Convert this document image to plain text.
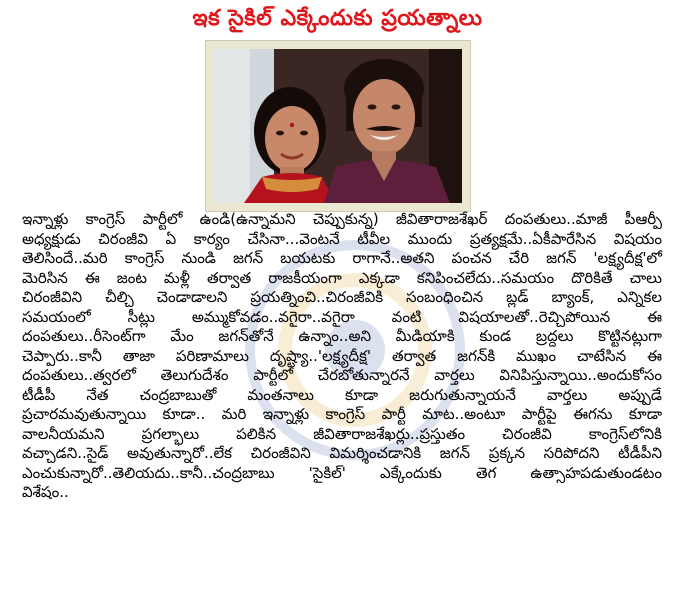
ఇక సైకిల్ ఎక్కేందుకు ప్రయత్నాలు

ఇన్నాళ్లు కాంగ్రెస్ పార్టీలో ఉండి(ఉన్నామని చెప్పుకున్న) జీవితారాజశేఖర్ దంపతులు..మాజీ పీఆర్పీ
అధ్యక్షుడు చిరంజీవి ఏ కార్యం చేసినా...వెంటనే టీవీల ముందు ప్రత్యక్షమే..ఏకీపారేసిన విషయం
తెలిసిందే..మరి కాంగ్రెస్ నుండి జగన్ బయటకు రాగానే..అతని పంచన చేరి జగన్ 'లక్ష్యదీక్ష'లో
మెరిసిన ఈ జంట మళ్లీ తర్వాత రాజకీయంగా ఎక్కడా కనిపించలేదు..సమయం దొరికితే చాలు
చిరంజీవిని చీల్చి చెండాడాలని ప్రయత్నించి..చిరంజీవికి సంబంధించిన బ్లడ్ బ్యాంక్, ఎన్నికల
సమయంలో సీట్లు అమ్ముకోవడం..వగైరా..వగైరా వంటి విషయాలతో..రెచ్చిపోయిన ఈ
దంపతులు..రీసెంట్‌గా మేం జగన్‌తోనే ఉన్నాం..అని మీడియాకి కుండ బ్రద్దలు కొట్టినట్లుగా
చెప్పారు..కానీ తాజా పరిణామాలు దృష్ట్యా..'లక్ష్యదీక్ష' తర్వాత జగన్‌కి ముఖం చాటేసిన ఈ
దంపతులు..త్వరలో తెలుగుదేశం పార్టీలో చేరబోతున్నారనే వార్తలు వినిపిస్తున్నాయి..అందుకోసం
టీడీపీ నేత చంద్రబాబుతో మంతనాలు కూడా జరుగుతున్నాయనే వార్తలు అప్పుడే
ప్రచారమవుతున్నాయి కూడా.. మరి ఇన్నాళ్లు కాంగ్రెస్ పార్టీ మాట..అంటూ పార్టీపై ఈగను కూడా
వాలనీయమని ప్రగల్భాలు పలికిన జీవితారాజశేఖర్లు..ప్రస్తుతం చిరంజీవి కాంగ్రెస్‌లోనికి
వచ్చాడని..సైడ్ అవుతున్నారో..లేక చిరంజీవిని విమర్శించడానికి జగన్ ప్రక్కన సరిపోదని టీడీపీని
ఎంచుకున్నారో..తెలియదు..కానీ..చంద్రబాబు 'సైకిల్' ఎక్కేందుకు తెగ ఉత్సాహపడుతుండటం
విశేషం..
